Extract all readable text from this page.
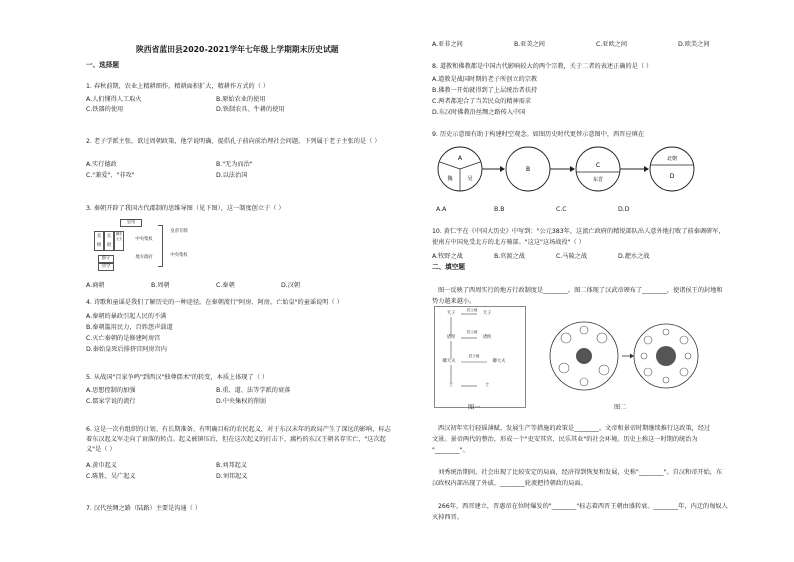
陕西省蓝田县2020-2021学年七年级上学期期末历史试题
一、选择题
1. 春秋前期，农业上精耕细作，精耕面积扩大，精耕作方式的（ ）
A.人们懂得人工取火	B.原始农业的使用
C.铁器的使用	D.铁制农具、牛耕的使用
2. 老子学派主张，欲过周朝政策，他学说明确，提倡孔子前向前治理社会问题。下列属于老子主张的是（ ）
A.实行德政	B."无为而治"
C."兼爱"、"非攻"	D.以法治国
3. 秦朝开辟了我国古代郡制的思维导图（见下图），这一制度创立于（ ）
皇帝
丞相
太尉
御史大夫
郡守
县令
中央集权
地方政府
皇帝专制
中央集权
A.商朝	B.周朝	C.秦朝	D.汉朝
4. 诗歌和童谣是我们了解历史的一种途径。在秦朝流行"阿房、阿房，亡始皇"的童谣说明（ ）
A.秦朝的暴政引起人民的不满
B.秦朝滥用民力，百姓怨声载道
C.灭亡秦朝的是修建阿房宫
D.秦始皇死后排挤宫阿房宫内
5. 从战国"百家争鸣"到西汉"独尊儒术"的转变，本质上体现了（ ）
A.思想控制的加强	B.重、道、法等学派的衰落
C.儒家学说的流行	D.中央集权的削弱
6. 这是一次有组织的计划、有长期准备、有明确目标的农民起义，对于东汉末年的政局产生了深远的影响，标志
着东汉起义军走向了衰落的转点。起义被镇压后，但在这次起义的打击下，腐朽的东汉王朝名存实亡，"这次起
义"是（ ）
A.黄巾起义	B.刘邦起义
C.陈胜、吴广起义	D.刘邦起义
7. 汉代丝绸之路（陆路）主要是沟通（ ）
A.亚非之间	B.亚美之间	C.亚欧之间	D.欧美之间
8. 道教和佛教都是中国古代影响较大的两个宗教，关于二者的表述正确的是（ ）
A.道教是战国时期的老子所创立的宗教
B.佛教一开始就得到了上层统治者扶持
C.两者都迎合了当苦民众的精神需求
D.东汉时佛教沿丝绸之路传入中国
9. 历史示意图有助于构建时空观念。如图历史时代更替示意图中，西晋应填在
A
魏	吴
B
C
东晋
北朝
D
A.A	B.B	C.C	D.D
10. 黄仁宇在《中国大历史》中写到："公元383年，这流亡政府的精锐部队出人意外地打败了前秦调研军，
使南方中国免受北方的北方骑部。"这这"这场战役"（ ）
A.牧野之战	B.官渡之战	C.马陵之战	D.淝水之战
二、填空题
图一反映了西周实行的地方行政制度是________。图二体现了汉武帝颁布了________，使诸侯王的封地和
势力越来越小。
天子	天子
封土地
诸侯	诸侯
封土地
卿大夫	卿大夫
封土地
士	士
图一	图二
西汉初年实行轻徭薄赋、发展生产等措施的政策是________。文帝和景帝时期继续推行这政策，经过
文景。景帝两代的整治，形成一个"吏安其官，民乐其业"的社会环境。历史上称这一时期的统治为
"________"。
刘秀统治期间，社会出现了比较安定的局面，经济得到恢复和发展，史称"________"。自汉和帝开始，东
汉政权内部出现了外戚、________轮流把持朝政的局面。
266年，西晋建立，晋惠帝在位时爆发的"________"标志着西晋王朝由盛转衰。________年，内迁的匈奴人
灭掉西晋。
